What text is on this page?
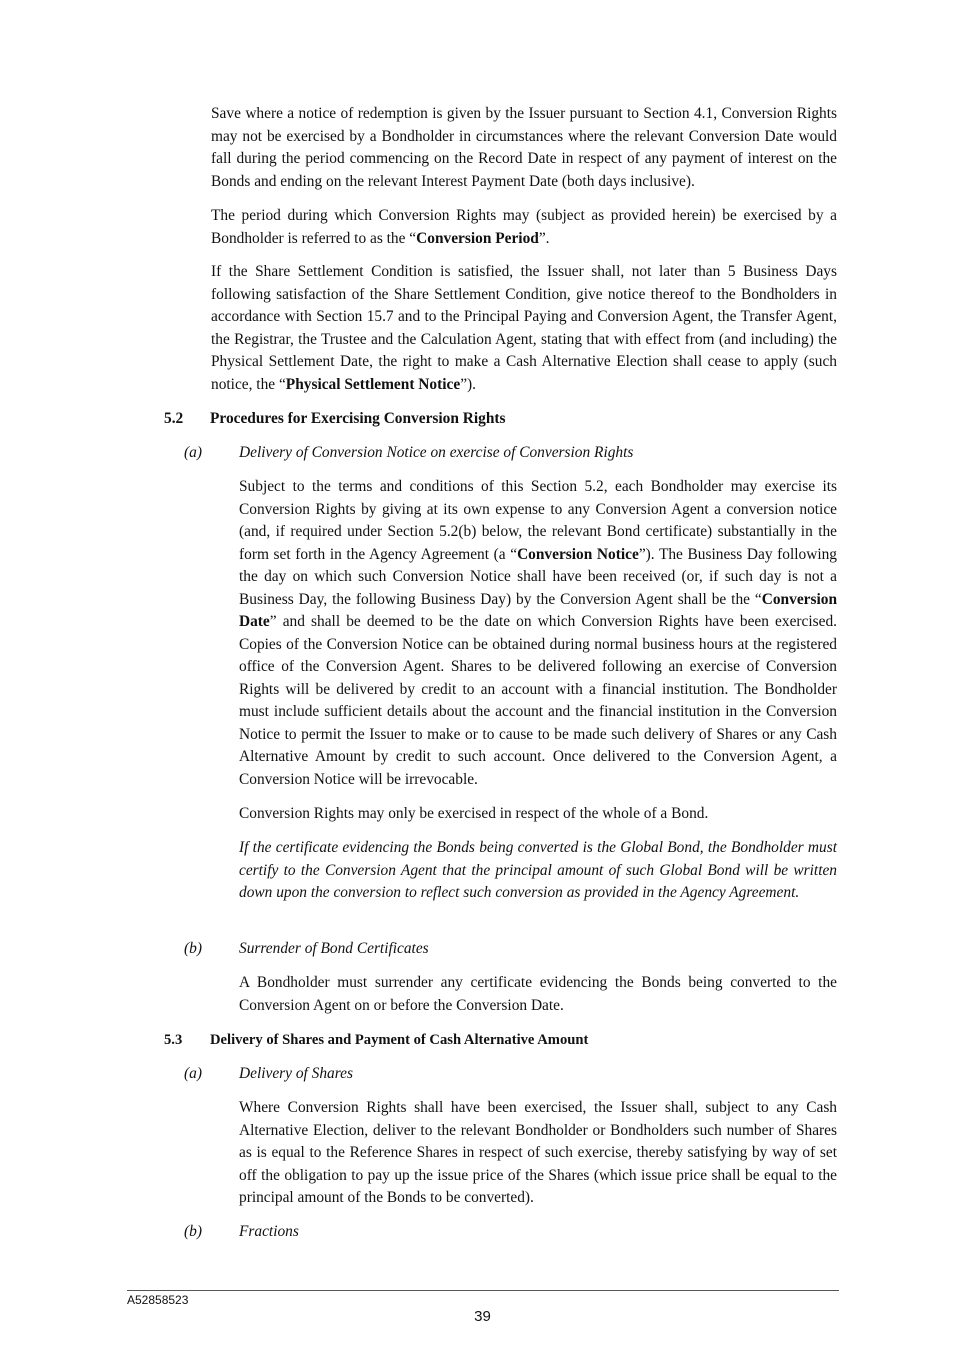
Save where a notice of redemption is given by the Issuer pursuant to Section 4.1, Conversion Rights may not be exercised by a Bondholder in circumstances where the relevant Conversion Date would fall during the period commencing on the Record Date in respect of any payment of interest on the Bonds and ending on the relevant Interest Payment Date (both days inclusive).

The period during which Conversion Rights may (subject as provided herein) be exercised by a Bondholder is referred to as the “Conversion Period”.

If the Share Settlement Condition is satisfied, the Issuer shall, not later than 5 Business Days following satisfaction of the Share Settlement Condition, give notice thereof to the Bondholders in accordance with Section 15.7 and to the Principal Paying and Conversion Agent, the Transfer Agent, the Registrar, the Trustee and the Calculation Agent, stating that with effect from (and including) the Physical Settlement Date, the right to make a Cash Alternative Election shall cease to apply (such notice, the “Physical Settlement Notice”).

5.2 Procedures for Exercising Conversion Rights
(a) Delivery of Conversion Notice on exercise of Conversion Rights

Subject to the terms and conditions of this Section 5.2, each Bondholder may exercise its Conversion Rights by giving at its own expense to any Conversion Agent a conversion notice (and, if required under Section 5.2(b) below, the relevant Bond certificate) substantially in the form set forth in the Agency Agreement (a “Conversion Notice”). The Business Day following the day on which such Conversion Notice shall have been received (or, if such day is not a Business Day, the following Business Day) by the Conversion Agent shall be the “Conversion Date” and shall be deemed to be the date on which Conversion Rights have been exercised. Copies of the Conversion Notice can be obtained during normal business hours at the registered office of the Conversion Agent. Shares to be delivered following an exercise of Conversion Rights will be delivered by credit to an account with a financial institution. The Bondholder must include sufficient details about the account and the financial institution in the Conversion Notice to permit the Issuer to make or to cause to be made such delivery of Shares or any Cash Alternative Amount by credit to such account. Once delivered to the Conversion Agent, a Conversion Notice will be irrevocable.

Conversion Rights may only be exercised in respect of the whole of a Bond.

If the certificate evidencing the Bonds being converted is the Global Bond, the Bondholder must certify to the Conversion Agent that the principal amount of such Global Bond will be written down upon the conversion to reflect such conversion as provided in the Agency Agreement.

(b) Surrender of Bond Certificates

A Bondholder must surrender any certificate evidencing the Bonds being converted to the Conversion Agent on or before the Conversion Date.

5.3 Delivery of Shares and Payment of Cash Alternative Amount
(a) Delivery of Shares

Where Conversion Rights shall have been exercised, the Issuer shall, subject to any Cash Alternative Election, deliver to the relevant Bondholder or Bondholders such number of Shares as is equal to the Reference Shares in respect of such exercise, thereby satisfying by way of set off the obligation to pay up the issue price of the Shares (which issue price shall be equal to the principal amount of the Bonds to be converted).

(b) Fractions
A52858523
39
